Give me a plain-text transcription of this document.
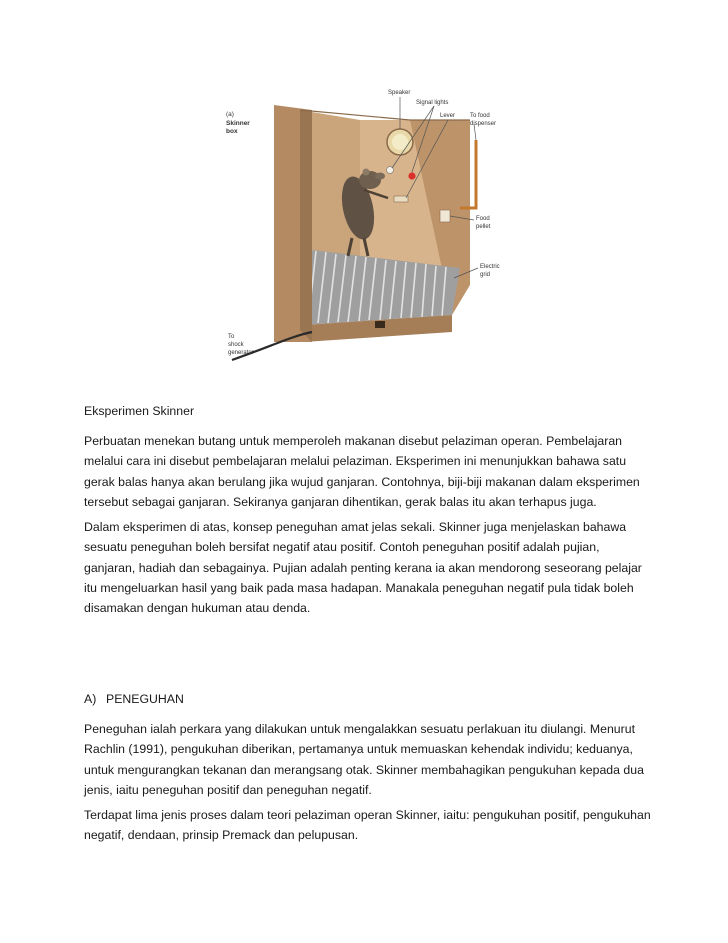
(a)
Skinner
box
Speaker
Signal lights
Lever To food
dispenser
Food
pellet
Electric
grid
To
shock
generator

Eksperimen Skinner

Perbuatan menekan butang untuk memperoleh makanan disebut pelaziman operan. Pembelajaran melalui cara ini disebut pembelajaran melalui pelaziman. Eksperimen ini menunjukkan bahawa satu gerak balas hanya akan berulang jika wujud ganjaran. Contohnya, biji-biji makanan dalam eksperimen tersebut sebagai ganjaran. Sekiranya ganjaran dihentikan, gerak balas itu akan terhapus juga.

Dalam eksperimen di atas, konsep peneguhan amat jelas sekali. Skinner juga menjelaskan bahawa sesuatu peneguhan boleh bersifat negatif atau positif. Contoh peneguhan positif adalah pujian, ganjaran, hadiah dan sebagainya. Pujian adalah penting kerana ia akan mendorong seseorang pelajar itu mengeluarkan hasil yang baik pada masa hadapan. Manakala peneguhan negatif pula tidak boleh disamakan dengan hukuman atau denda.

A) PENEGUHAN

Peneguhan ialah perkara yang dilakukan untuk mengalakkan sesuatu perlakuan itu diulangi. Menurut Rachlin (1991), pengukuhan diberikan, pertamanya untuk memuaskan kehendak individu; keduanya, untuk mengurangkan tekanan dan merangsang otak. Skinner membahagikan pengukuhan kepada dua jenis, iaitu peneguhan positif dan peneguhan negatif.

Terdapat lima jenis proses dalam teori pelaziman operan Skinner, iaitu: pengukuhan positif, pengukuhan negatif, dendaan, prinsip Premack dan pelupusan.
